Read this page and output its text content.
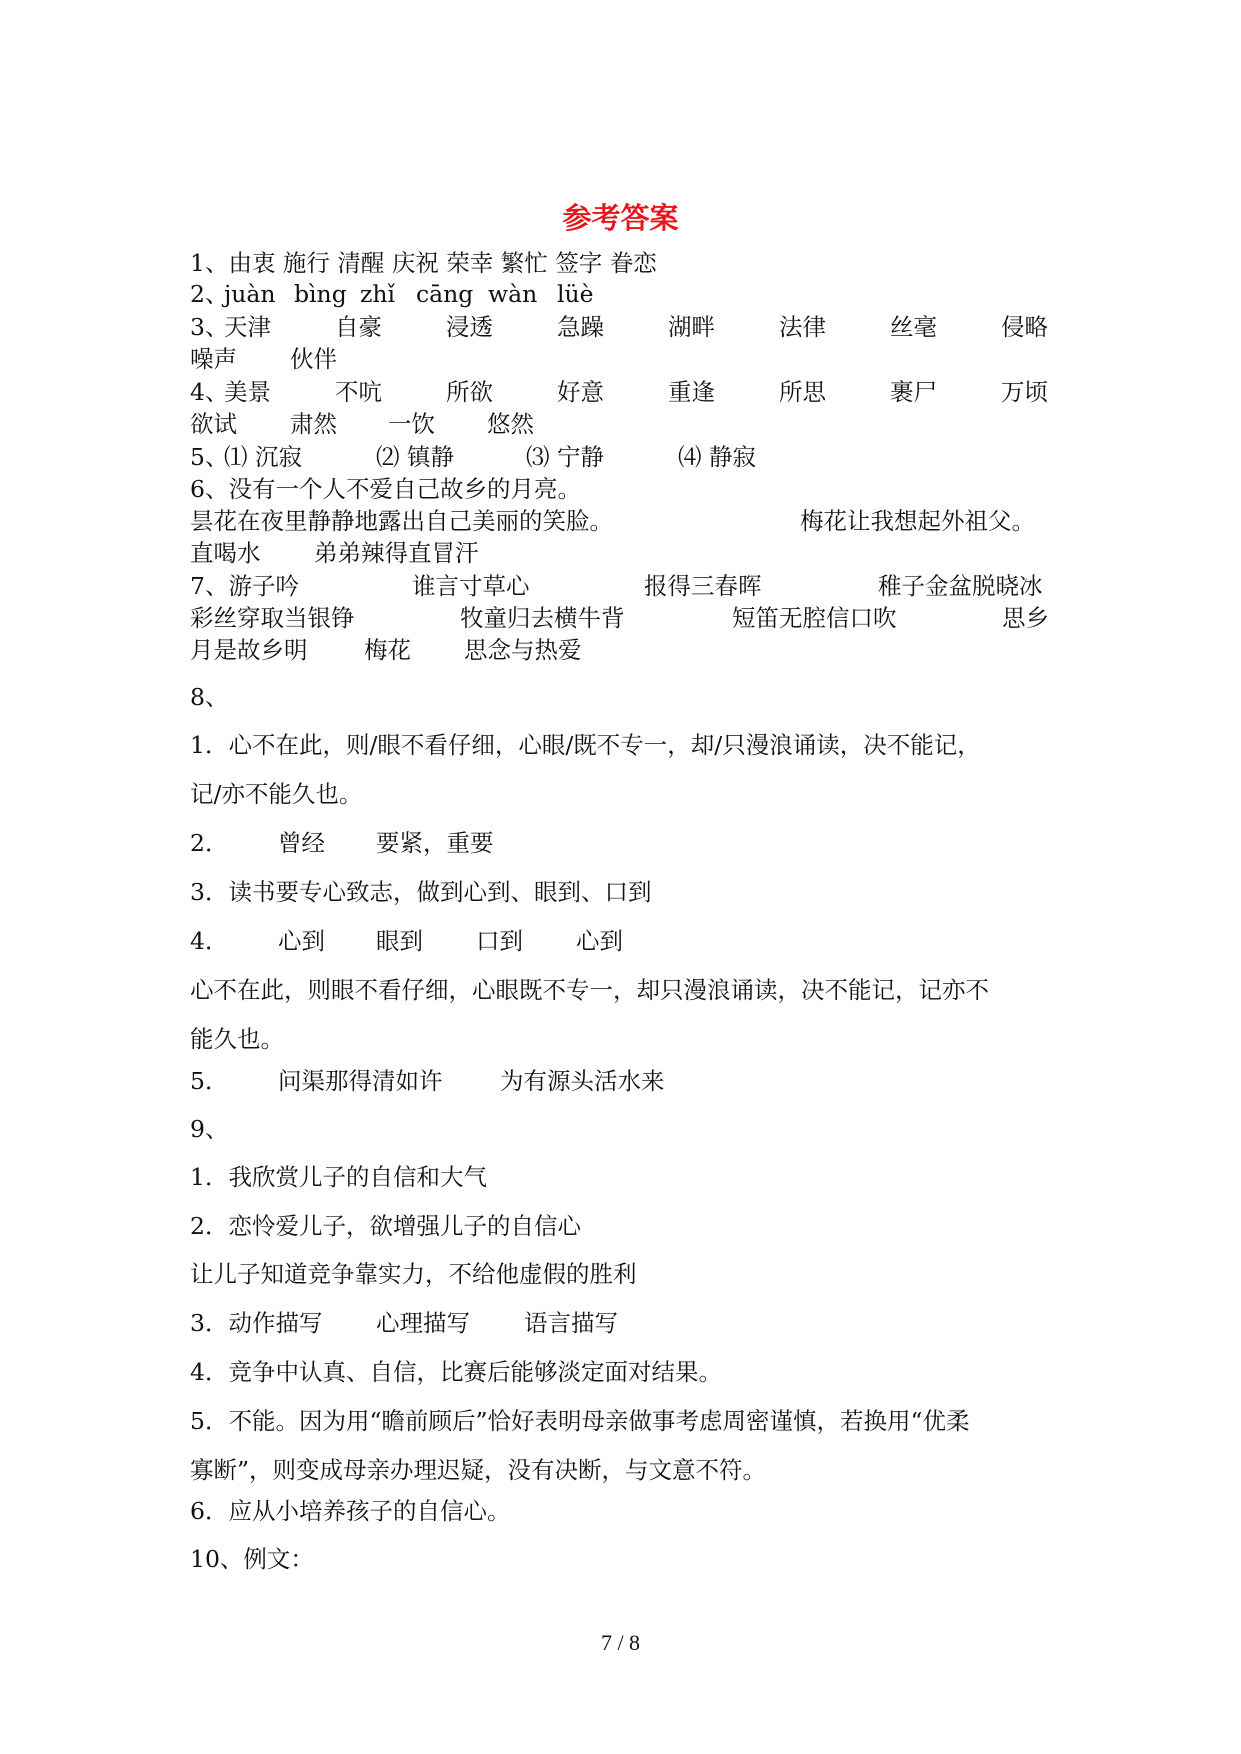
参考答案
1、由衷 施行 清醒 庆祝 荣幸 繁忙 签字 眷恋
2、
juàn bìng zhǐ cāng wàn lüè
3、
天津	自豪	浸透	急躁	湖畔	法律	丝毫	侵略
噪声 伙伴
4、
美景	不吭	所欲	好意	重逢	所思	裹尸	万顷
欲试 肃然 一饮 悠然
5、
⑴ 沉寂	⑵ 镇静	⑶ 宁静	⑷ 静寂
6、没有一个人不爱自己故乡的月亮。
昙花在夜里静静地露出自己美丽的笑脸。	梅花让我想起外祖父。
直喝水 弟弟辣得直冒汗
7、游子吟	谁言寸草心	报得三春晖	稚子金盆脱晓冰
彩丝穿取当银铮	牧童归去横牛背	短笛无腔信口吹	思乡
月是故乡明 梅花 思念与热爱
8、
1．心不在此，则/眼不看仔细，心眼/既不专一，却/只漫浪诵读，决不能记，
记/亦不能久也。
2． 曾经 要紧，重要
3．读书要专心致志，做到心到、眼到、口到
4． 心到 眼到 口到 心到
心不在此，则眼不看仔细，心眼既不专一，却只漫浪诵读，决不能记，记亦不
能久也。
5． 问渠那得清如许 为有源头活水来
9、
1．我欣赏儿子的自信和大气
2．恋怜爱儿子，欲增强儿子的自信心
让儿子知道竞争靠实力，不给他虚假的胜利
3．动作描写 心理描写 语言描写
4．竞争中认真、自信，比赛后能够淡定面对结果。
5．不能。因为用“瞻前顾后”恰好表明母亲做事考虑周密谨慎，若换用“优柔
寡断”，则变成母亲办理迟疑，没有决断，与文意不符。
6．应从小培养孩子的自信心。
10、例文：
7 / 8
